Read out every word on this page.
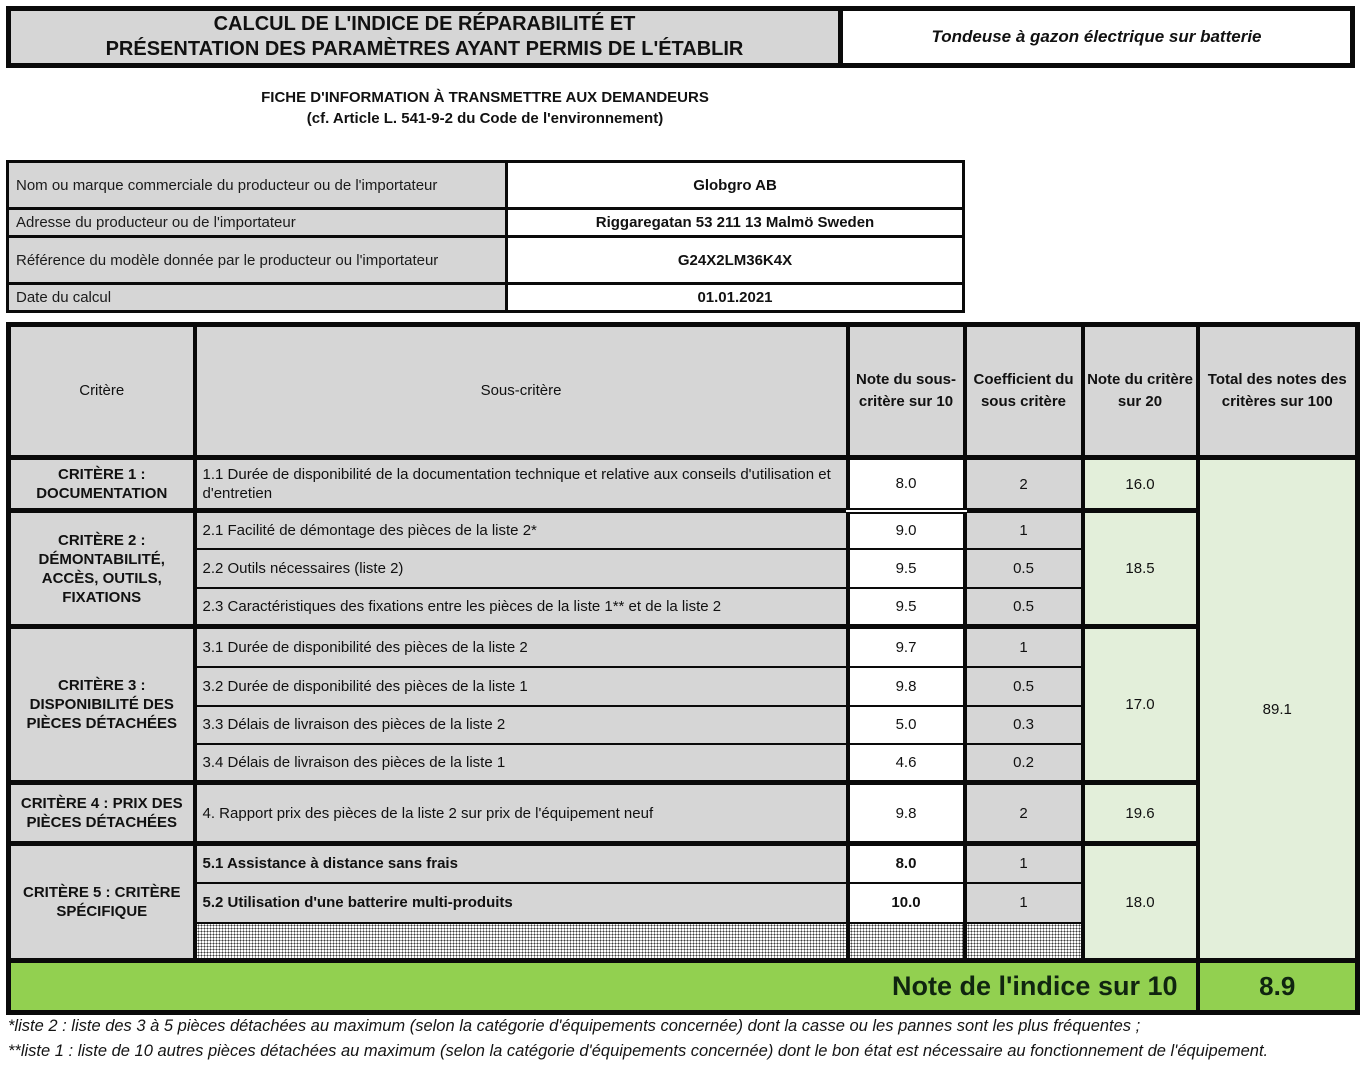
CALCUL DE L'INDICE DE RÉPARABILITÉ ET
PRÉSENTATION DES PARAMÈTRES AYANT PERMIS DE L'ÉTABLIR
Tondeuse à gazon électrique sur batterie
FICHE D'INFORMATION À TRANSMETTRE AUX DEMANDEURS
(cf. Article L. 541-9-2 du Code de l'environnement)
Nom ou marque commerciale du producteur ou de l'importateur	Globgro AB
Adresse du producteur ou de l'importateur	Riggaregatan 53 211 13 Malmö Sweden
Référence du modèle donnée par le producteur ou l'importateur	G24X2LM36K4X
Date du calcul	01.01.2021
Critère	Sous-critère	Note du sous-critère sur 10	Coefficient du sous critère	Note du critère sur 20	Total des notes des critères sur 100
CRITÈRE 1 : DOCUMENTATION	1.1 Durée de disponibilité de la documentation technique et relative aux conseils d'utilisation et d'entretien	8.0	2	16.0	89.1
CRITÈRE 2 : DÉMONTABILITÉ, ACCÈS, OUTILS, FIXATIONS	2.1 Facilité de démontage des pièces de la liste 2*	9.0	1	18.5	
	2.2 Outils nécessaires (liste 2)	9.5	0.5		
	2.3 Caractéristiques des fixations entre les pièces de la liste 1** et de la liste 2	9.5	0.5		
CRITÈRE 3 : DISPONIBILITÉ DES PIÈCES DÉTACHÉES	3.1 Durée de disponibilité des pièces de la liste 2	9.7	1	17.0	
	3.2 Durée de disponibilité des pièces de la liste 1	9.8	0.5		
	3.3 Délais de livraison des pièces de la liste 2	5.0	0.3		
	3.4 Délais de livraison des pièces de la liste 1	4.6	0.2		
CRITÈRE 4 : PRIX DES PIÈCES DÉTACHÉES	4. Rapport prix des pièces de la liste 2 sur prix de l'équipement neuf	9.8	2	19.6	
CRITÈRE 5 : CRITÈRE SPÉCIFIQUE	5.1 Assistance à distance sans frais	8.0	1	18.0	
	5.2 Utilisation d'une batterire multi-produits	10.0	1		

Note de l'indice sur 10					8.9
*liste 2 : liste des 3 à 5 pièces détachées au maximum (selon la catégorie d'équipements concernée) dont la casse ou les pannes sont les plus fréquentes ;
**liste 1 : liste de 10 autres pièces détachées au maximum (selon la catégorie d'équipements concernée) dont le bon état est nécessaire au fonctionnement de l'équipement.
